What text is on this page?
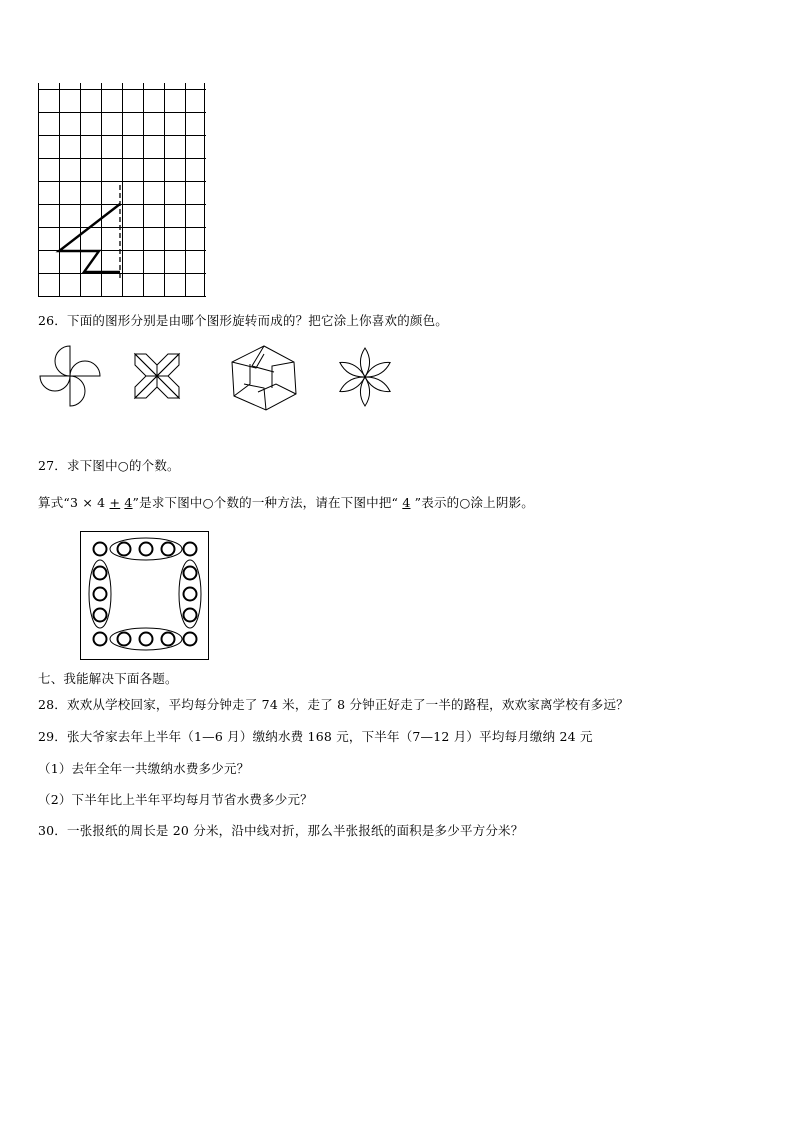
26．下面的图形分别是由哪个图形旋转而成的？把它涂上你喜欢的颜色。
27．求下图中○的个数。
算式“3 × 4 + 4”是求下图中○个数的一种方法，请在下图中把“ 4 ”表示的○涂上阴影。
七、我能解决下面各题。
28．欢欢从学校回家，平均每分钟走了 74 米，走了 8 分钟正好走了一半的路程，欢欢家离学校有多远？
29．张大爷家去年上半年（1—6 月）缴纳水费 168 元，下半年（7—12 月）平均每月缴纳 24 元
（1）去年全年一共缴纳水费多少元？
（2）下半年比上半年平均每月节省水费多少元？
30．一张报纸的周长是 20 分米，沿中线对折，那么半张报纸的面积是多少平方分米？
